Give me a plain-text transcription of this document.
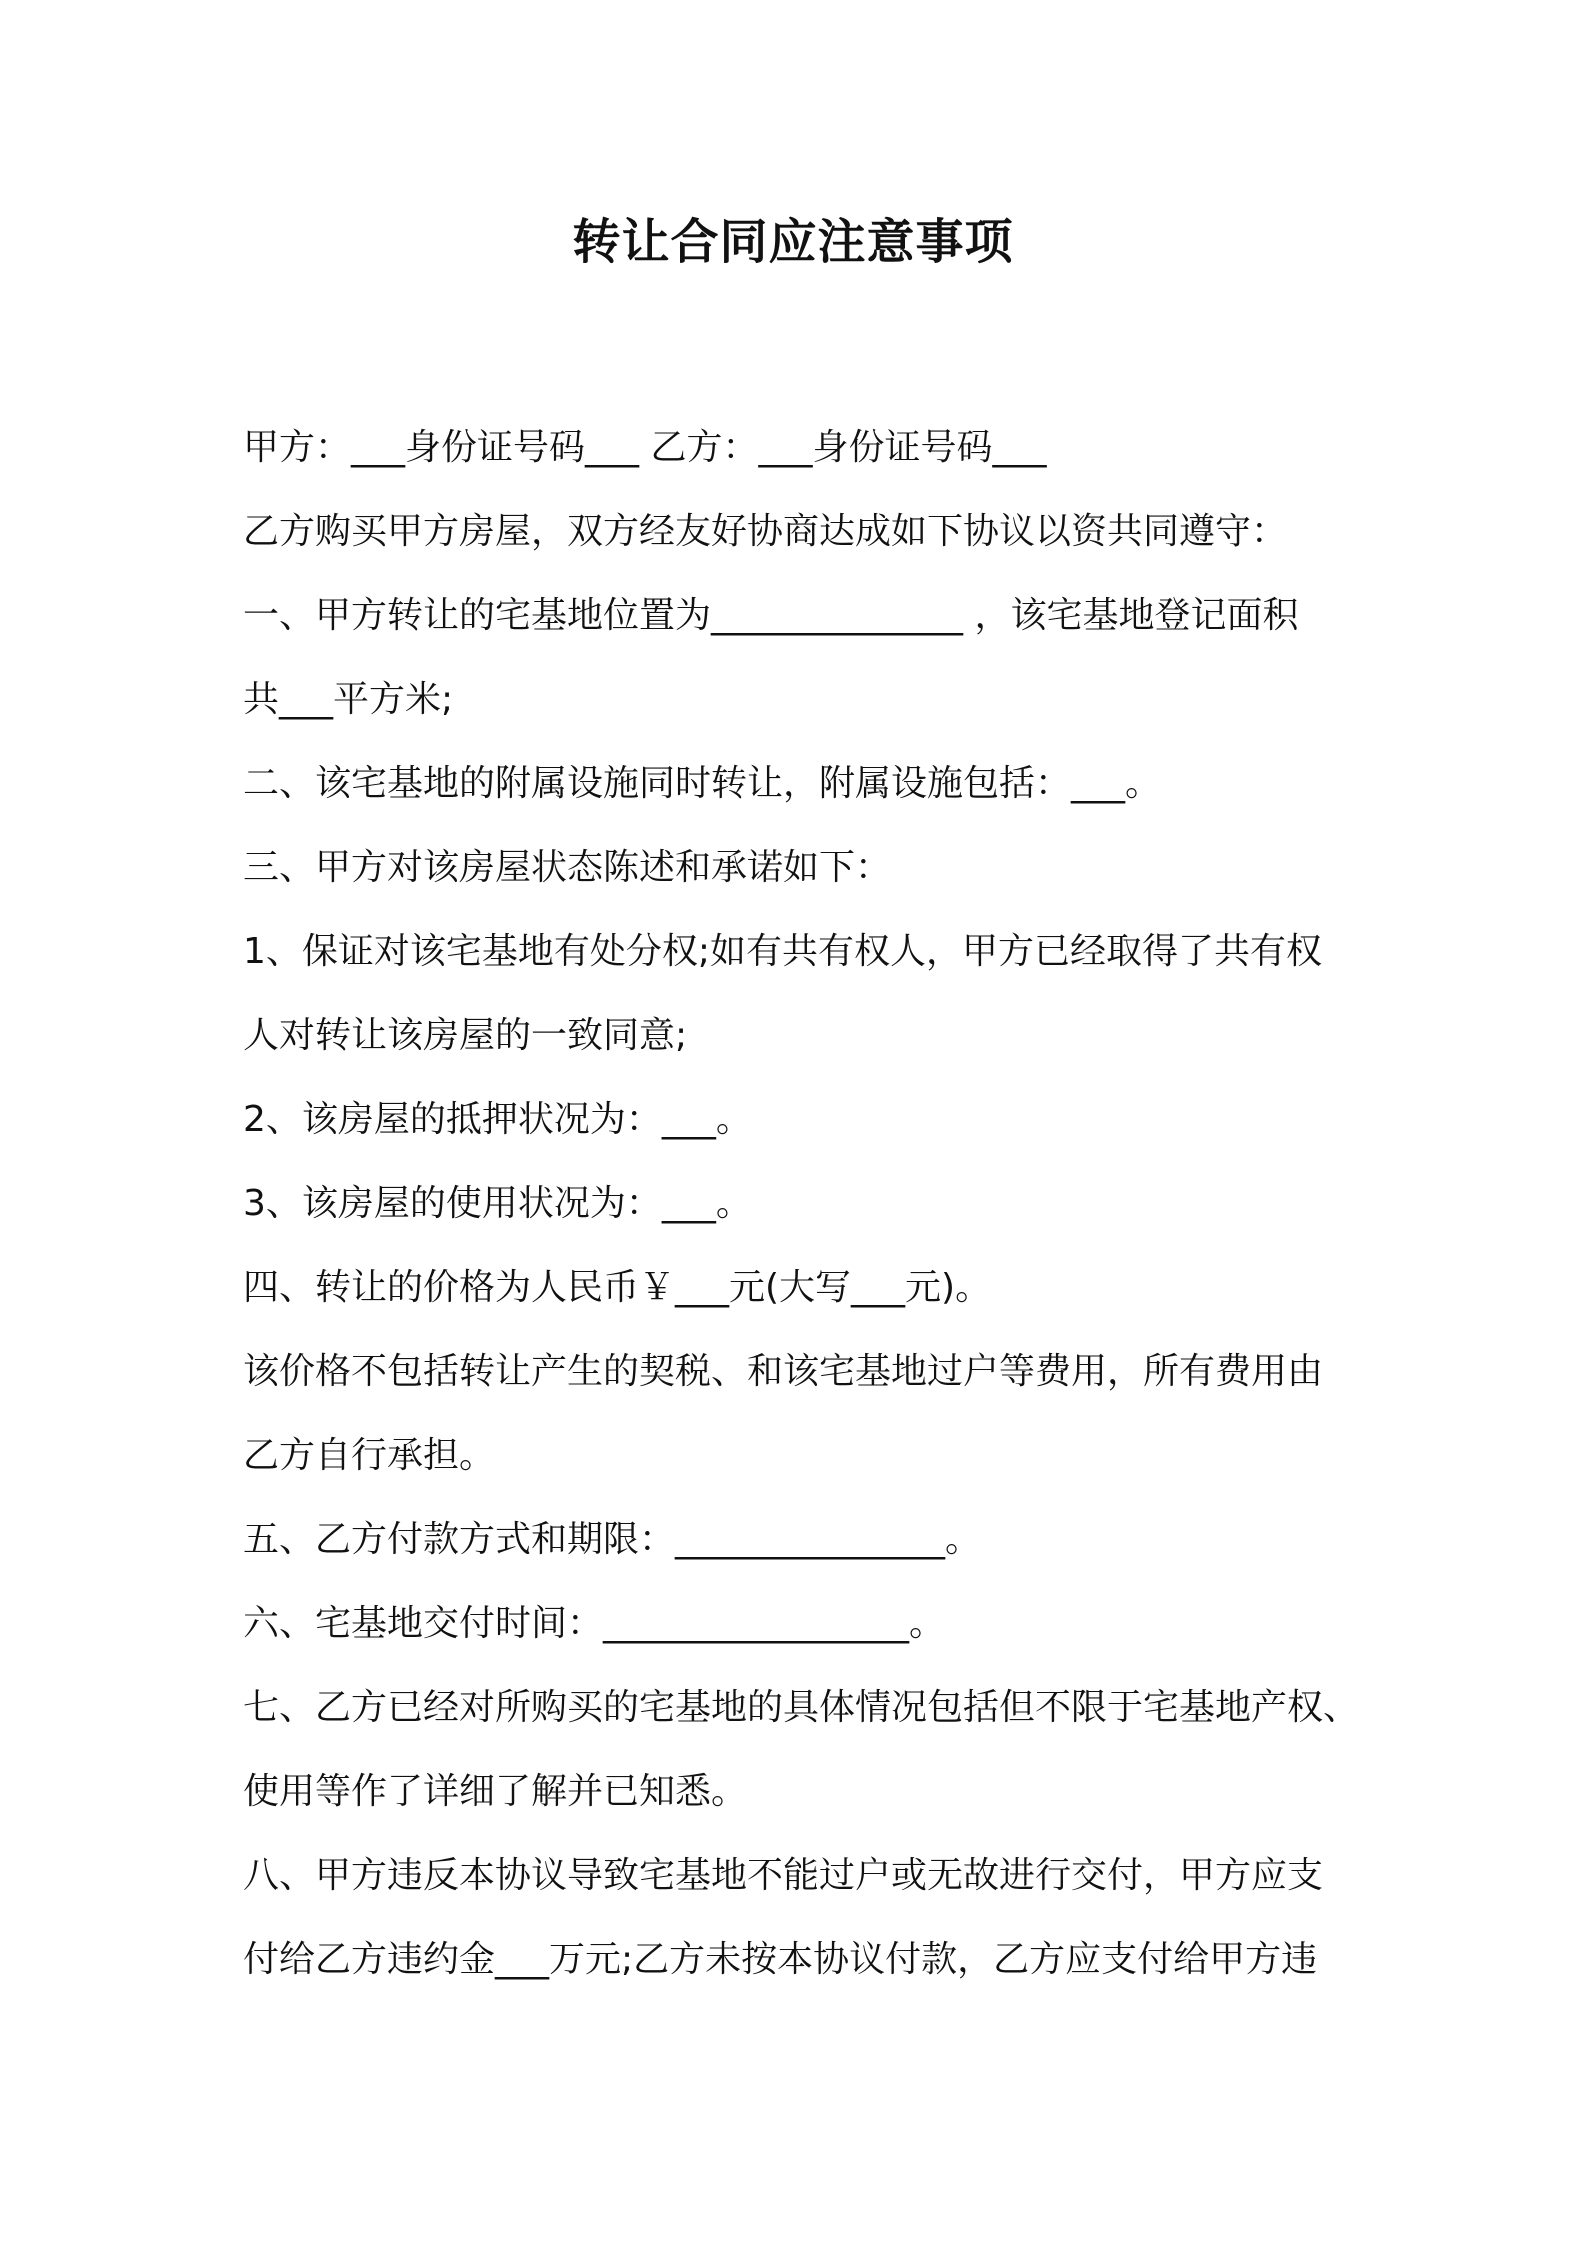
转让合同应注意事项
甲方：___身份证号码___ 乙方：___身份证号码___
乙方购买甲方房屋，双方经友好协商达成如下协议以资共同遵守：
一、甲方转让的宅基地位置为______________ ，该宅基地登记面积
共___平方米;
二、该宅基地的附属设施同时转让，附属设施包括：___。
三、甲方对该房屋状态陈述和承诺如下：
1、保证对该宅基地有处分权;如有共有权人，甲方已经取得了共有权
人对转让该房屋的一致同意;
2、该房屋的抵押状况为：___。
3、该房屋的使用状况为：___。
四、转让的价格为人民币￥___元(大写___元)。
该价格不包括转让产生的契税、和该宅基地过户等费用，所有费用由
乙方自行承担。
五、乙方付款方式和期限：_______________。
六、宅基地交付时间：_________________。
七、乙方已经对所购买的宅基地的具体情况包括但不限于宅基地产权、
使用等作了详细了解并已知悉。
八、甲方违反本协议导致宅基地不能过户或无故进行交付，甲方应支
付给乙方违约金___万元;乙方未按本协议付款，乙方应支付给甲方违
